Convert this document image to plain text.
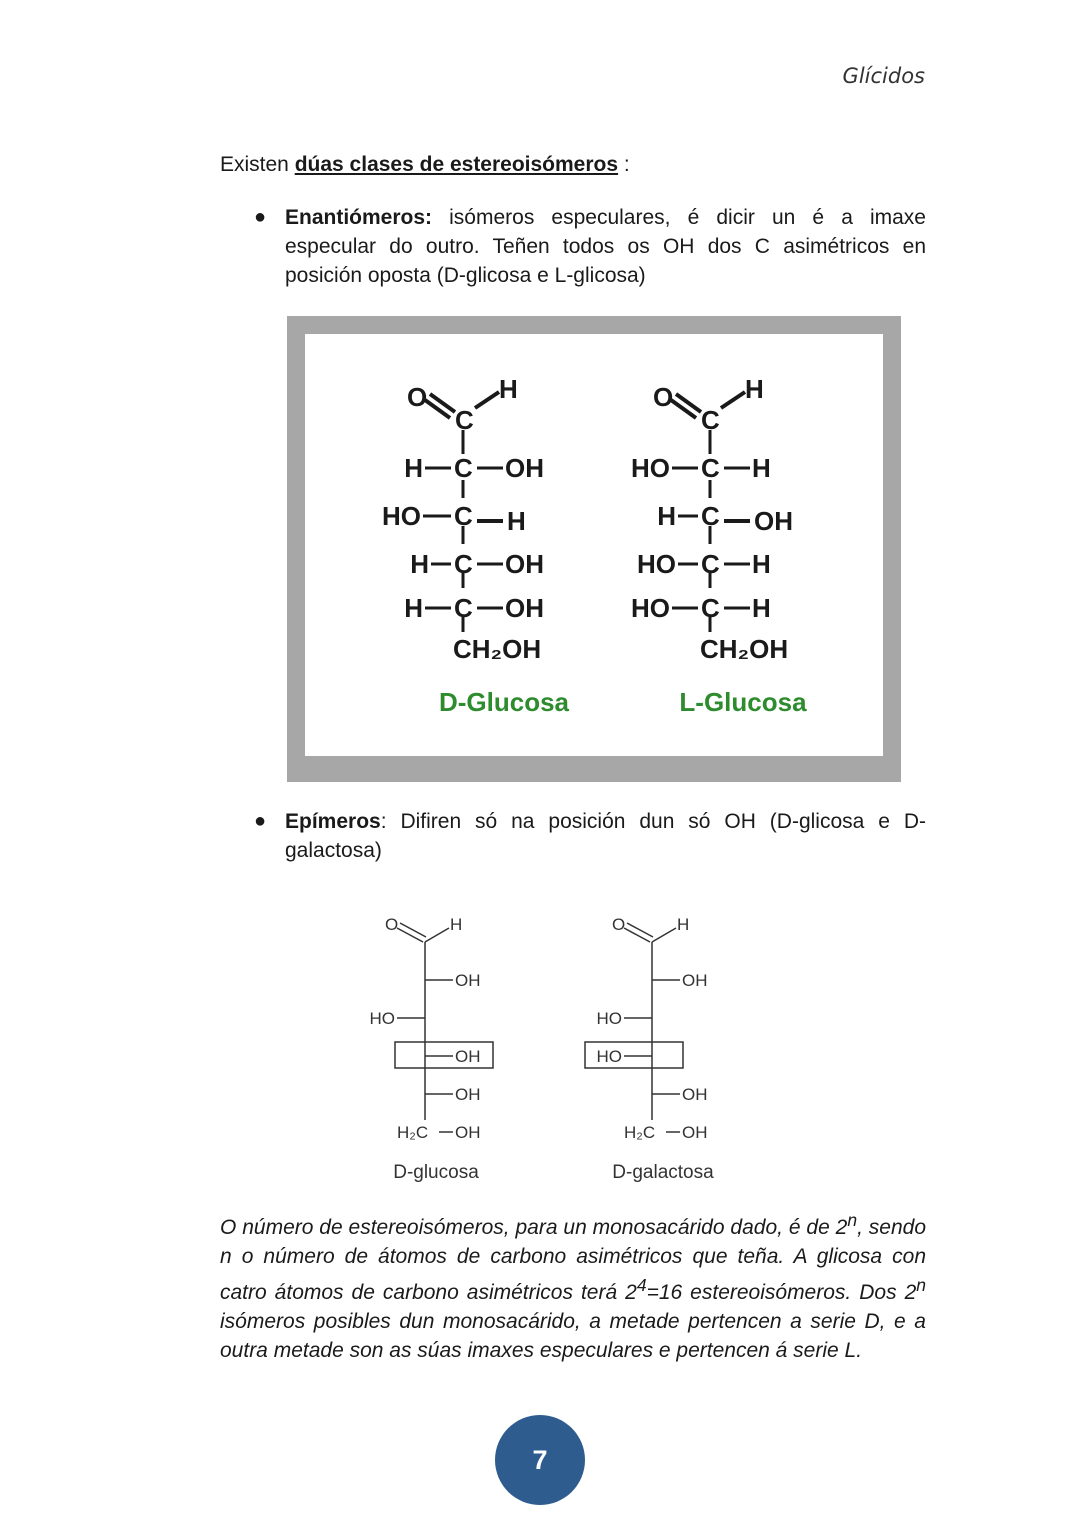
Glícidos
Existen dúas clases de estereoisómeros :
● Enantiómeros: isómeros especulares, é dicir un é a imaxe especular do outro. Teñen todos os OH dos C asimétricos en posición oposta (D-glicosa e L-glicosa)
O
C
H
H C OH
HO C H
H C OH
H C OH
CH₂OH
O
C
H
HO C H
H C OH
HO C H
HO C H
CH₂OH
D-Glucosa	L-Glucosa
● Epímeros: Difiren só na posición dun só OH (D-glicosa e D-galactosa)
O	H
OH
HO
OH
OH
H₂C OH
D-glucosa
O	H
OH
HO
HO
OH
H₂C OH
D-galactosa
O número de estereoisómeros, para un monosacárido dado, é de 2$^n$, sendo n o número de átomos de carbono asimétricos que teña. A glicosa con catro átomos de carbono asimétricos terá $2^4=16$ estereoisómeros. Dos 2$^n$ isómeros posibles dun monosacárido, a metade pertencen a serie D, e a outra metade son as súas imaxes especulares e pertencen á serie L.
7
